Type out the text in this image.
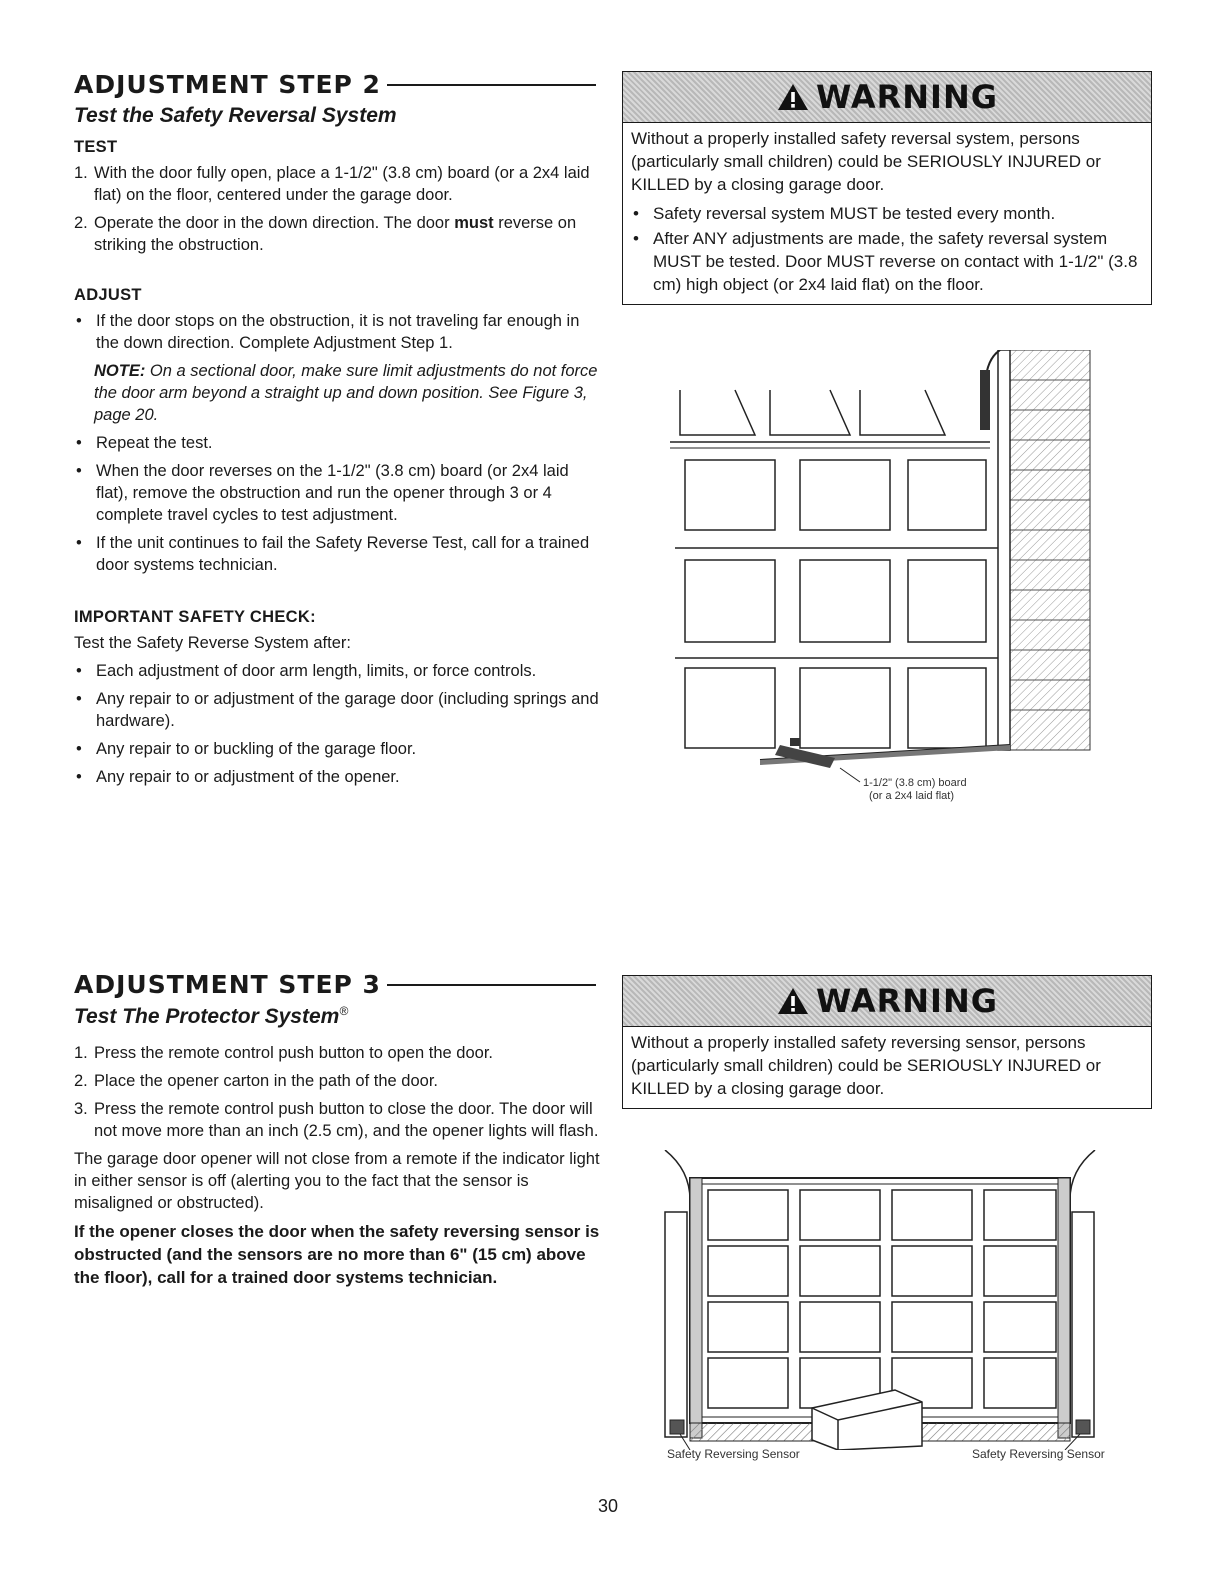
ADJUSTMENT STEP 2
Test the Safety Reversal System
TEST
1. With the door fully open, place a 1-1/2" (3.8 cm) board (or a 2x4 laid flat) on the floor, centered under the garage door.
2. Operate the door in the down direction. The door must reverse on striking the obstruction.
ADJUST
• If the door stops on the obstruction, it is not traveling far enough in the down direction. Complete Adjustment Step 1.
NOTE: On a sectional door, make sure limit adjustments do not force the door arm beyond a straight up and down position. See Figure 3, page 20.
• Repeat the test.
• When the door reverses on the 1-1/2" (3.8 cm) board (or 2x4 laid flat), remove the obstruction and run the opener through 3 or 4 complete travel cycles to test adjustment.
• If the unit continues to fail the Safety Reverse Test, call for a trained door systems technician.
IMPORTANT SAFETY CHECK:

Test the Safety Reverse System after:

• Each adjustment of door arm length, limits, or force controls.
• Any repair to or adjustment of the garage door (including springs and hardware).
• Any repair to or buckling of the garage floor.
• Any repair to or adjustment of the opener.
WARNING

Without a properly installed safety reversal system, persons (particularly small children) could be SERIOUSLY INJURED or KILLED by a closing garage door.

• Safety reversal system MUST be tested every month.
• After ANY adjustments are made, the safety reversal system MUST be tested. Door MUST reverse on contact with 1-1/2" (3.8 cm) high object (or 2x4 laid flat) on the floor.
1-1/2" (3.8 cm) board
(or a 2x4 laid flat)
ADJUSTMENT STEP 3
Test The Protector System®
1. Press the remote control push button to open the door.
2. Place the opener carton in the path of the door.
3. Press the remote control push button to close the door. The door will not move more than an inch (2.5 cm), and the opener lights will flash.

The garage door opener will not close from a remote if the indicator light in either sensor is off (alerting you to the fact that the sensor is misaligned or obstructed).

If the opener closes the door when the safety reversing sensor is obstructed (and the sensors are no more than 6" (15 cm) above the floor), call for a trained door systems technician.

WARNING

Without a properly installed safety reversing sensor, persons (particularly small children) could be SERIOUSLY INJURED or KILLED by a closing garage door.

Safety Reversing Sensor	Safety Reversing Sensor
30
